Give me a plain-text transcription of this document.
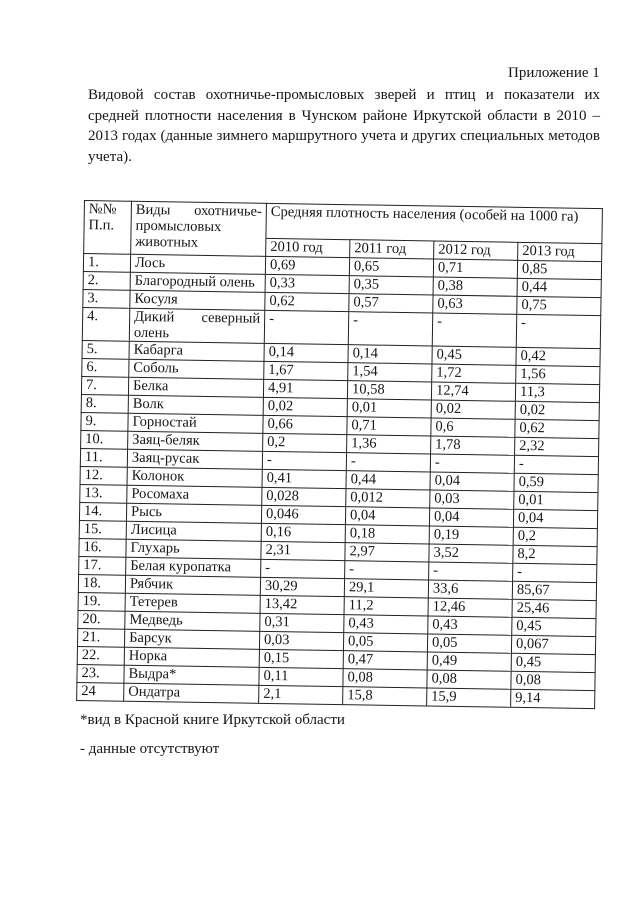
Приложение 1
Видовой состав охотничье-промысловых зверей и птиц и показатели их средней плотности населения в Чунском районе Иркутской области в 2010 – 2013 годах (данные зимнего маршрутного учета и других специальных методов учета).
№№ П.п.	Виды охотничье-промысловых животных	Средняя плотность населения (особей на 1000 га)			
		2010 год	2011 год	2012 год	2013 год
1.	Лось	0,69	0,65	0,71	0,85
2.	Благородный олень	0,33	0,35	0,38	0,44
3.	Косуля	0,62	0,57	0,63	0,75
4.	Дикий северный олень	-	-	-	-
5.	Кабарга	0,14	0,14	0,45	0,42
6.	Соболь	1,67	1,54	1,72	1,56
7.	Белка	4,91	10,58	12,74	11,3
8.	Волк	0,02	0,01	0,02	0,02
9.	Горностай	0,66	0,71	0,6	0,62
10.	Заяц-беляк	0,2	1,36	1,78	2,32
11.	Заяц-русак	-	-	-	-
12.	Колонок	0,41	0,44	0,04	0,59
13.	Росомаха	0,028	0,012	0,03	0,01
14.	Рысь	0,046	0,04	0,04	0,04
15.	Лисица	0,16	0,18	0,19	0,2
16.	Глухарь	2,31	2,97	3,52	8,2
17.	Белая куропатка	-	-	-	-
18.	Рябчик	30,29	29,1	33,6	85,67
19.	Тетерев	13,42	11,2	12,46	25,46
20.	Медведь	0,31	0,43	0,43	0,45
21.	Барсук	0,03	0,05	0,05	0,067
22.	Норка	0,15	0,47	0,49	0,45
23.	Выдра*	0,11	0,08	0,08	0,08
24	Ондатра	2,1	15,8	15,9	9,14
*вид в Красной книге Иркутской области
- данные отсутствуют
